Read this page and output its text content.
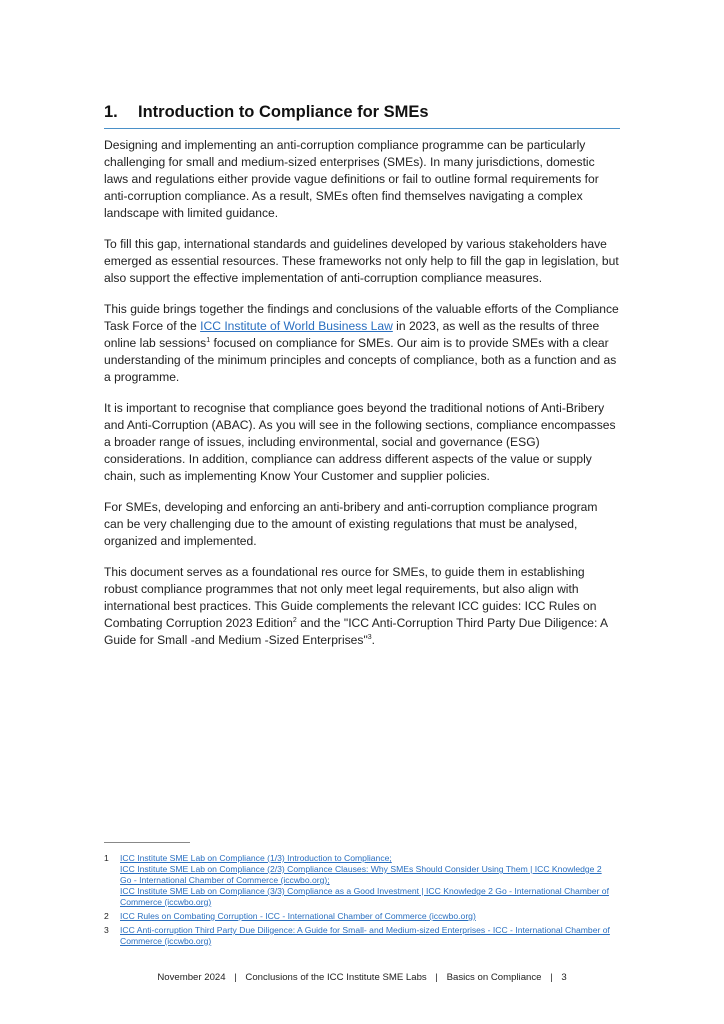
1.	Introduction to Compliance for SMEs

Designing and implementing an anti-corruption compliance programme can be particularly challenging for small and medium-sized enterprises (SMEs). In many jurisdictions, domestic laws and regulations either provide vague definitions or fail to outline formal requirements for anti-corruption compliance. As a result, SMEs often find themselves navigating a complex landscape with limited guidance.

To fill this gap, international standards and guidelines developed by various stakeholders have emerged as essential resources. These frameworks not only help to fill the gap in legislation, but also support the effective implementation of anti-corruption compliance measures.

This guide brings together the findings and conclusions of the valuable efforts of the Compliance Task Force of the ICC Institute of World Business Law in 2023, as well as the results of three online lab sessions$^1$ focused on compliance for SMEs. Our aim is to provide SMEs with a clear understanding of the minimum principles and concepts of compliance, both as a function and as a programme.

It is important to recognise that compliance goes beyond the traditional notions of Anti-Bribery and Anti-Corruption (ABAC). As you will see in the following sections, compliance encompasses a broader range of issues, including environmental, social and governance (ESG) considerations. In addition, compliance can address different aspects of the value or supply chain, such as implementing Know Your Customer and supplier policies.

For SMEs, developing and enforcing an anti-bribery and anti-corruption compliance program can be very challenging due to the amount of existing regulations that must be analysed, organized and implemented.

This document serves as a foundational res ource for SMEs, to guide them in establishing robust compliance programmes that not only meet legal requirements, but also align with international best practices. This Guide complements the relevant ICC guides: ICC Rules on Combating Corruption 2023 Edition$^2$ and the "ICC Anti-Corruption Third Party Due Diligence: A Guide for Small -and Medium -Sized Enterprises"$^3$.

1	ICC Institute SME Lab on Compliance (1/3) Introduction to Compliance;
ICC Institute SME Lab on Compliance (2/3) Compliance Clauses: Why SMEs Should Consider Using Them | ICC Knowledge 2 Go - International Chamber of Commerce (iccwbo.org);
ICC Institute SME Lab on Compliance (3/3) Compliance as a Good Investment | ICC Knowledge 2 Go - International Chamber of Commerce (iccwbo.org)
2	ICC Rules on Combating Corruption - ICC - International Chamber of Commerce (iccwbo.org)
3	ICC Anti-corruption Third Party Due Diligence: A Guide for Small- and Medium-sized Enterprises - ICC - International Chamber of Commerce (iccwbo.org)
November 2024 | Conclusions of the ICC Institute SME Labs | Basics on Compliance | 3
